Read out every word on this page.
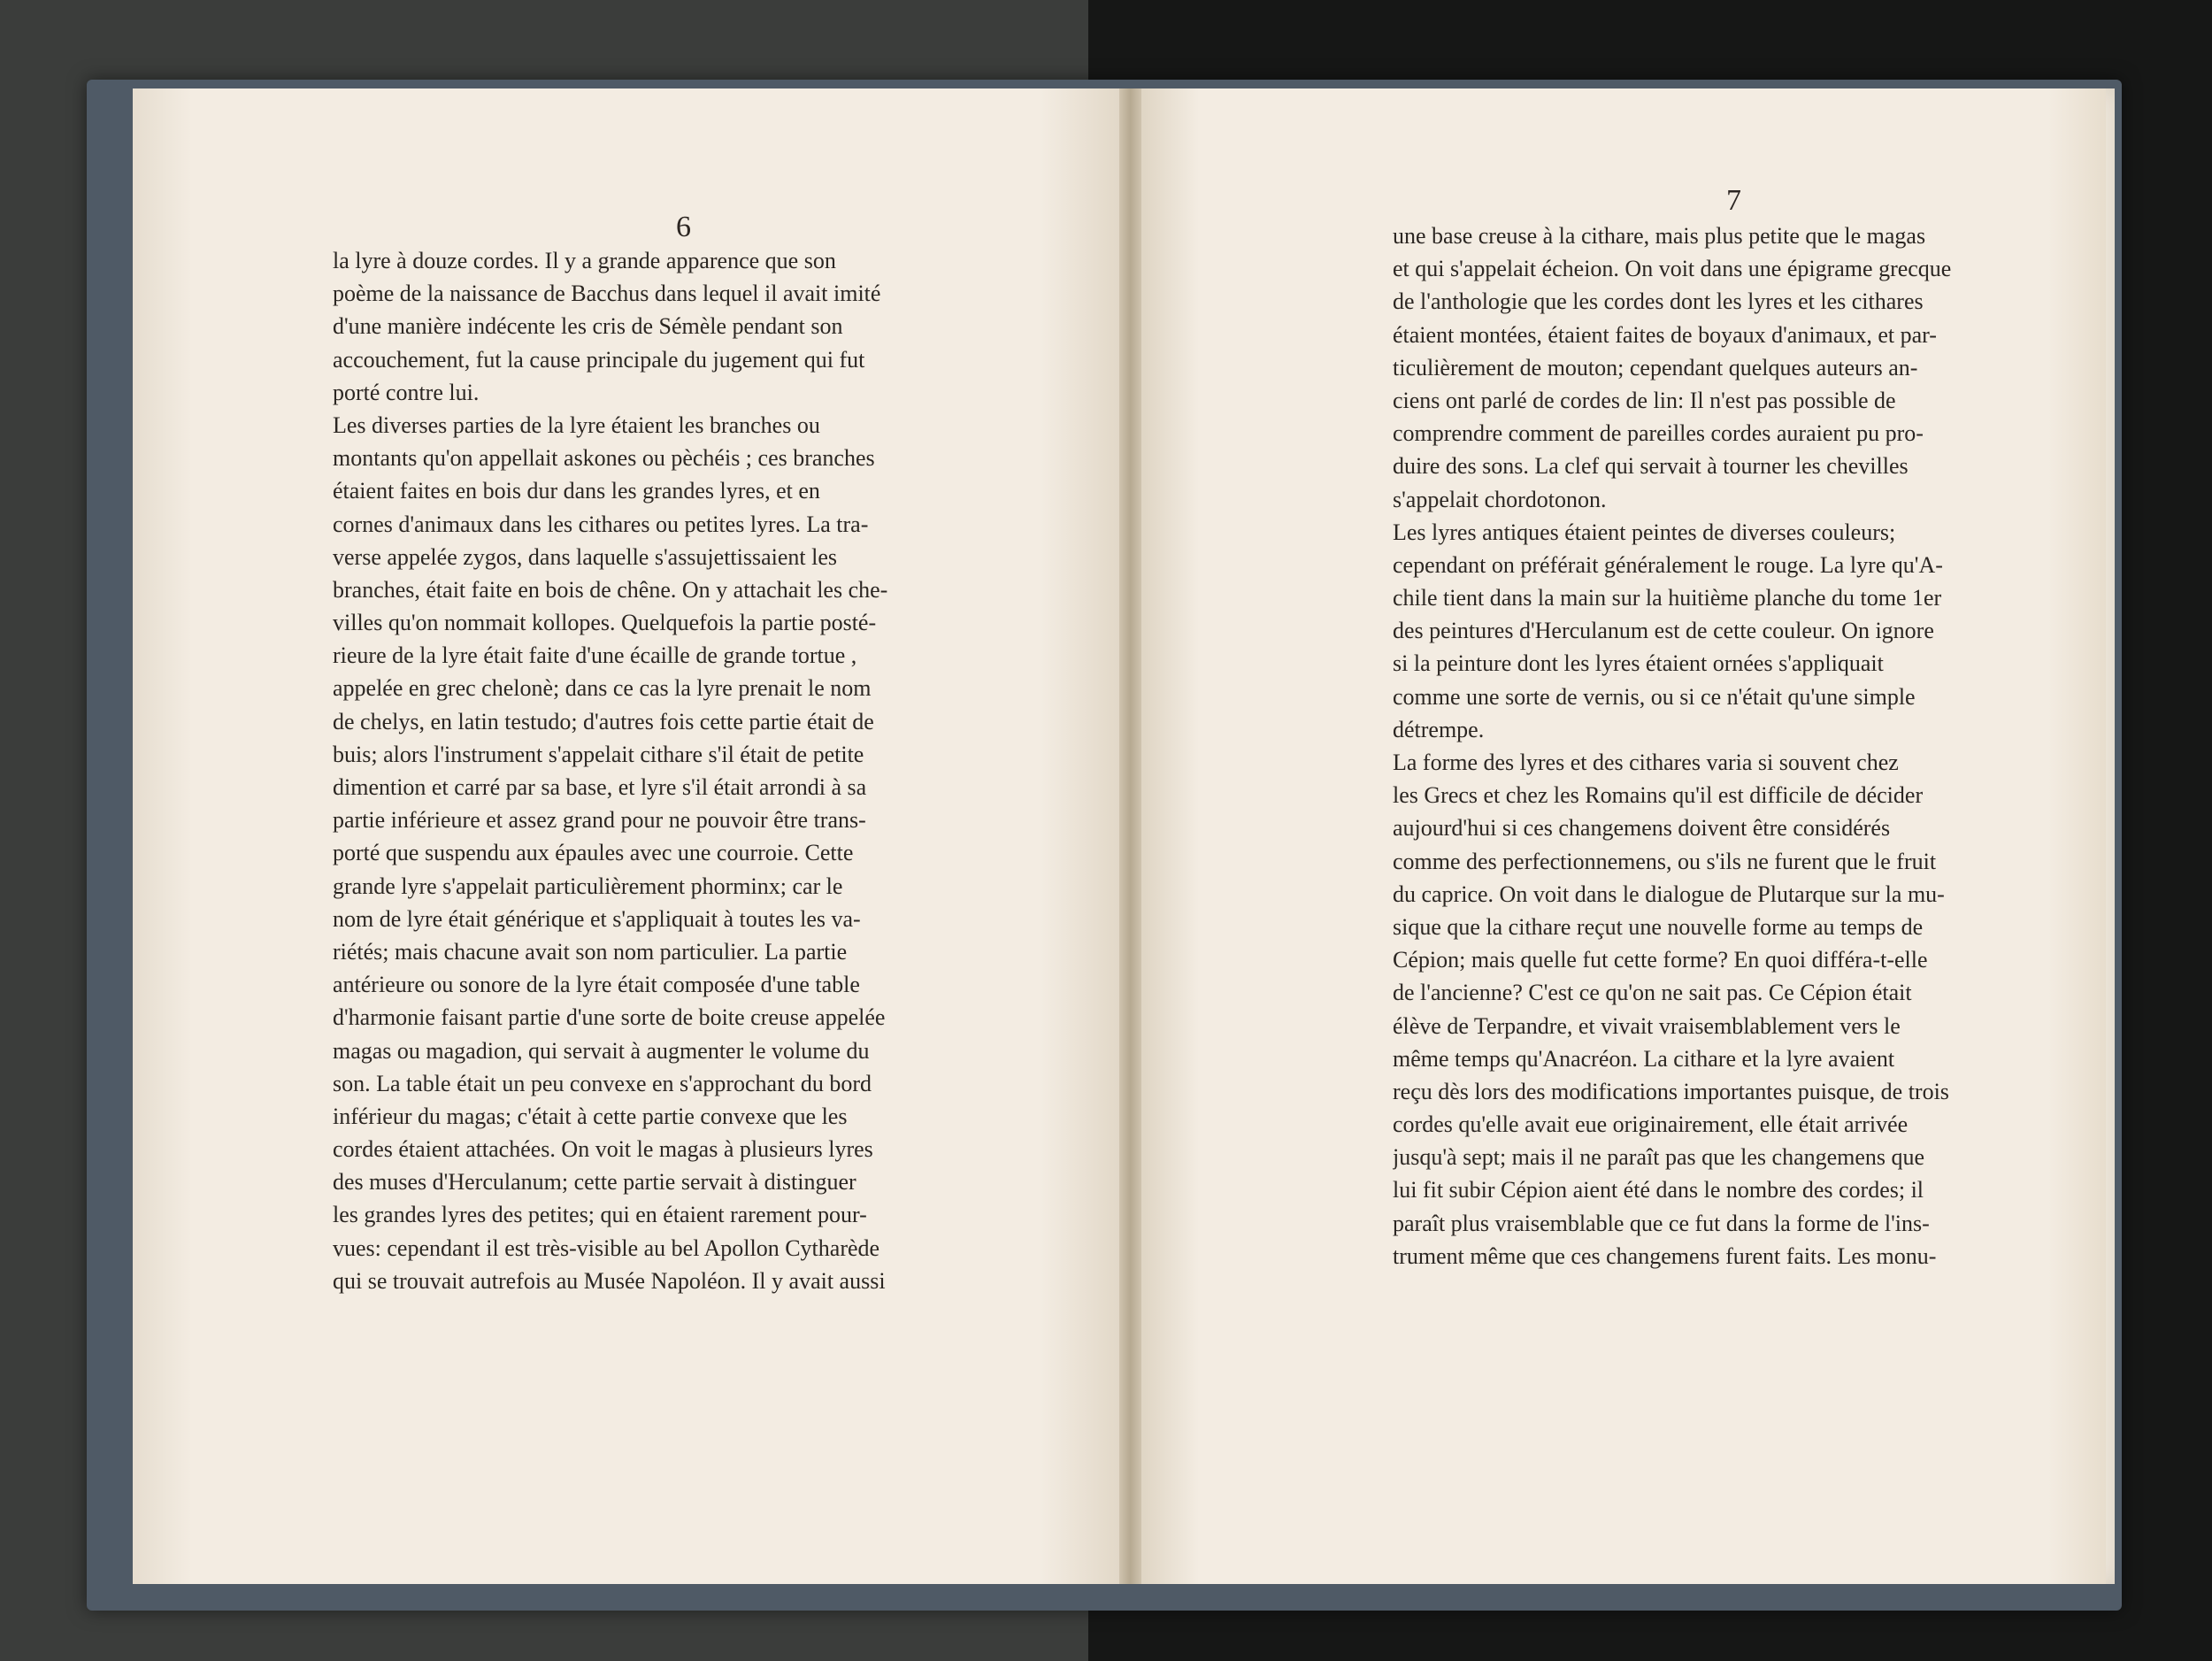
6
la lyre à douze cordes. Il y a grande apparence que son
poème de la naissance de Bacchus dans lequel il avait imité
d'une manière indécente les cris de Sémèle pendant son
accouchement, fut la cause principale du jugement qui fut
porté contre lui.
Les diverses parties de la lyre étaient les branches ou
montants qu'on appellait askones ou pèchéis ; ces branches
étaient faites en bois dur dans les grandes lyres, et en
cornes d'animaux dans les cithares ou petites lyres. La tra-
verse appelée zygos, dans laquelle s'assujettissaient les
branches, était faite en bois de chêne. On y attachait les che-
villes qu'on nommait kollopes. Quelquefois la partie posté-
rieure de la lyre était faite d'une écaille de grande tortue ,
appelée en grec chelonè; dans ce cas la lyre prenait le nom
de chelys, en latin testudo; d'autres fois cette partie était de
buis; alors l'instrument s'appelait cithare s'il était de petite
dimention et carré par sa base, et lyre s'il était arrondi à sa
partie inférieure et assez grand pour ne pouvoir être trans-
porté que suspendu aux épaules avec une courroie. Cette
grande lyre s'appelait particulièrement phorminx; car le
nom de lyre était générique et s'appliquait à toutes les va-
riétés; mais chacune avait son nom particulier. La partie
antérieure ou sonore de la lyre était composée d'une table
d'harmonie faisant partie d'une sorte de boite creuse appelée
magas ou magadion, qui servait à augmenter le volume du
son. La table était un peu convexe en s'approchant du bord
inférieur du magas; c'était à cette partie convexe que les
cordes étaient attachées. On voit le magas à plusieurs lyres
des muses d'Herculanum; cette partie servait à distinguer
les grandes lyres des petites; qui en étaient rarement pour-
vues: cependant il est très-visible au bel Apollon Cytharède
qui se trouvait autrefois au Musée Napoléon. Il y avait aussi
7
une base creuse à la cithare, mais plus petite que le magas
et qui s'appelait écheion. On voit dans une épigrame grecque
de l'anthologie que les cordes dont les lyres et les cithares
étaient montées, étaient faites de boyaux d'animaux, et par-
ticulièrement de mouton; cependant quelques auteurs an-
ciens ont parlé de cordes de lin: Il n'est pas possible de
comprendre comment de pareilles cordes auraient pu pro-
duire des sons. La clef qui servait à tourner les chevilles
s'appelait chordotonon.
Les lyres antiques étaient peintes de diverses couleurs;
cependant on préférait généralement le rouge. La lyre qu'A-
chile tient dans la main sur la huitième planche du tome 1er
des peintures d'Herculanum est de cette couleur. On ignore
si la peinture dont les lyres étaient ornées s'appliquait
comme une sorte de vernis, ou si ce n'était qu'une simple
détrempe.
La forme des lyres et des cithares varia si souvent chez
les Grecs et chez les Romains qu'il est difficile de décider
aujourd'hui si ces changemens doivent être considérés
comme des perfectionnemens, ou s'ils ne furent que le fruit
du caprice. On voit dans le dialogue de Plutarque sur la mu-
sique que la cithare reçut une nouvelle forme au temps de
Cépion; mais quelle fut cette forme? En quoi différa-t-elle
de l'ancienne? C'est ce qu'on ne sait pas. Ce Cépion était
élève de Terpandre, et vivait vraisemblablement vers le
même temps qu'Anacréon. La cithare et la lyre avaient
reçu dès lors des modifications importantes puisque, de trois
cordes qu'elle avait eue originairement, elle était arrivée
jusqu'à sept; mais il ne paraît pas que les changemens que
lui fit subir Cépion aient été dans le nombre des cordes; il
paraît plus vraisemblable que ce fut dans la forme de l'ins-
trument même que ces changemens furent faits. Les monu-
